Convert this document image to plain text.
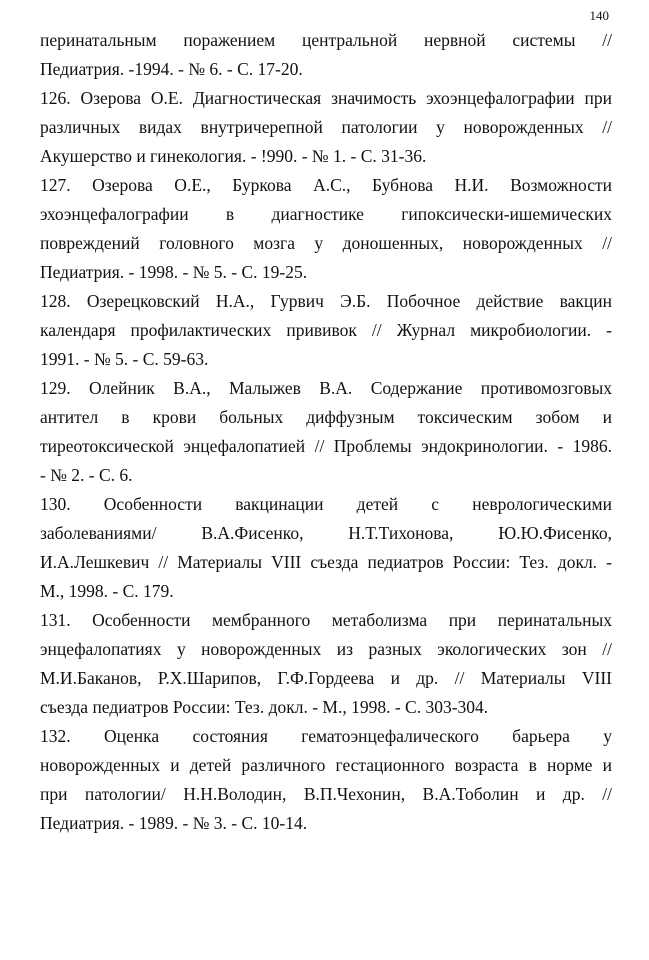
140
перинатальным поражением центральной нервной системы //
Педиатрия. -1994. - № 6. - С. 17-20.
126. Озерова О.Е. Диагностическая значимость эхоэнцефалографии при
различных видах внутричерепной патологии у новорожденных //
Акушерство и гинекология. - !990. - № 1. - С. 31-36.
127. Озерова О.Е., Буркова А.С., Бубнова Н.И. Возможности
эхоэнцефалографии в диагностике гипоксически-ишемических
повреждений головного мозга у доношенных, новорожденных //
Педиатрия. - 1998. - № 5. - С. 19-25.
128. Озерецковский Н.А., Гурвич Э.Б. Побочное действие вакцин
календаря профилактических прививок // Журнал микробиологии. -
1991. - № 5. - С. 59-63.
129. Олейник В.А., Малыжев В.А. Содержание противомозговых
антител в крови больных диффузным токсическим зобом и
тиреотоксической энцефалопатией // Проблемы эндокринологии. - 1986.
- № 2. - С. 6.
130. Особенности вакцинации детей с неврологическими
заболеваниями/ В.А.Фисенко, Н.Т.Тихонова, Ю.Ю.Фисенко,
И.А.Лешкевич // Материалы VIII съезда педиатров России: Тез. докл. -
М., 1998. - С. 179.
131. Особенности мембранного метаболизма при перинатальных
энцефалопатиях у новорожденных из разных экологических зон //
М.И.Баканов, Р.Х.Шарипов, Г.Ф.Гордеева и др. // Материалы VIII
съезда педиатров России: Тез. докл. - М., 1998. - С. 303-304.
132. Оценка состояния гематоэнцефалического барьера у
новорожденных и детей различного гестационного возраста в норме и
при патологии/ Н.Н.Володин, В.П.Чехонин, В.А.Тоболин и др. //
Педиатрия. - 1989. - № 3. - С. 10-14.
